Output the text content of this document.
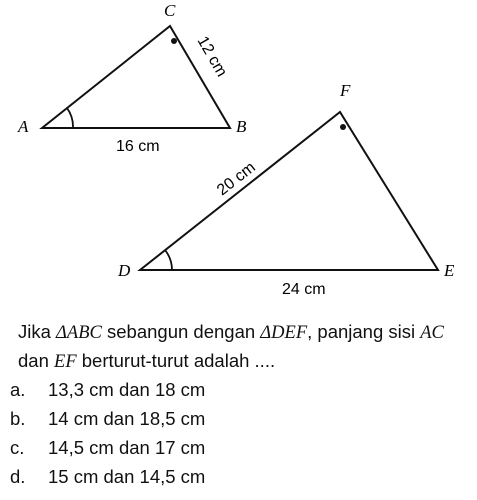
A	B
C
16 cm
12 cm
D	E
F
24 cm
20 cm
Jika ΔABC sebangun dengan ΔDEF, panjang sisi AC dan EF berturut-turut adalah ....
a.	13,3 cm dan 18 cm
b.	14 cm dan 18,5 cm
c.	14,5 cm dan 17 cm
d.	15 cm dan 14,5 cm
